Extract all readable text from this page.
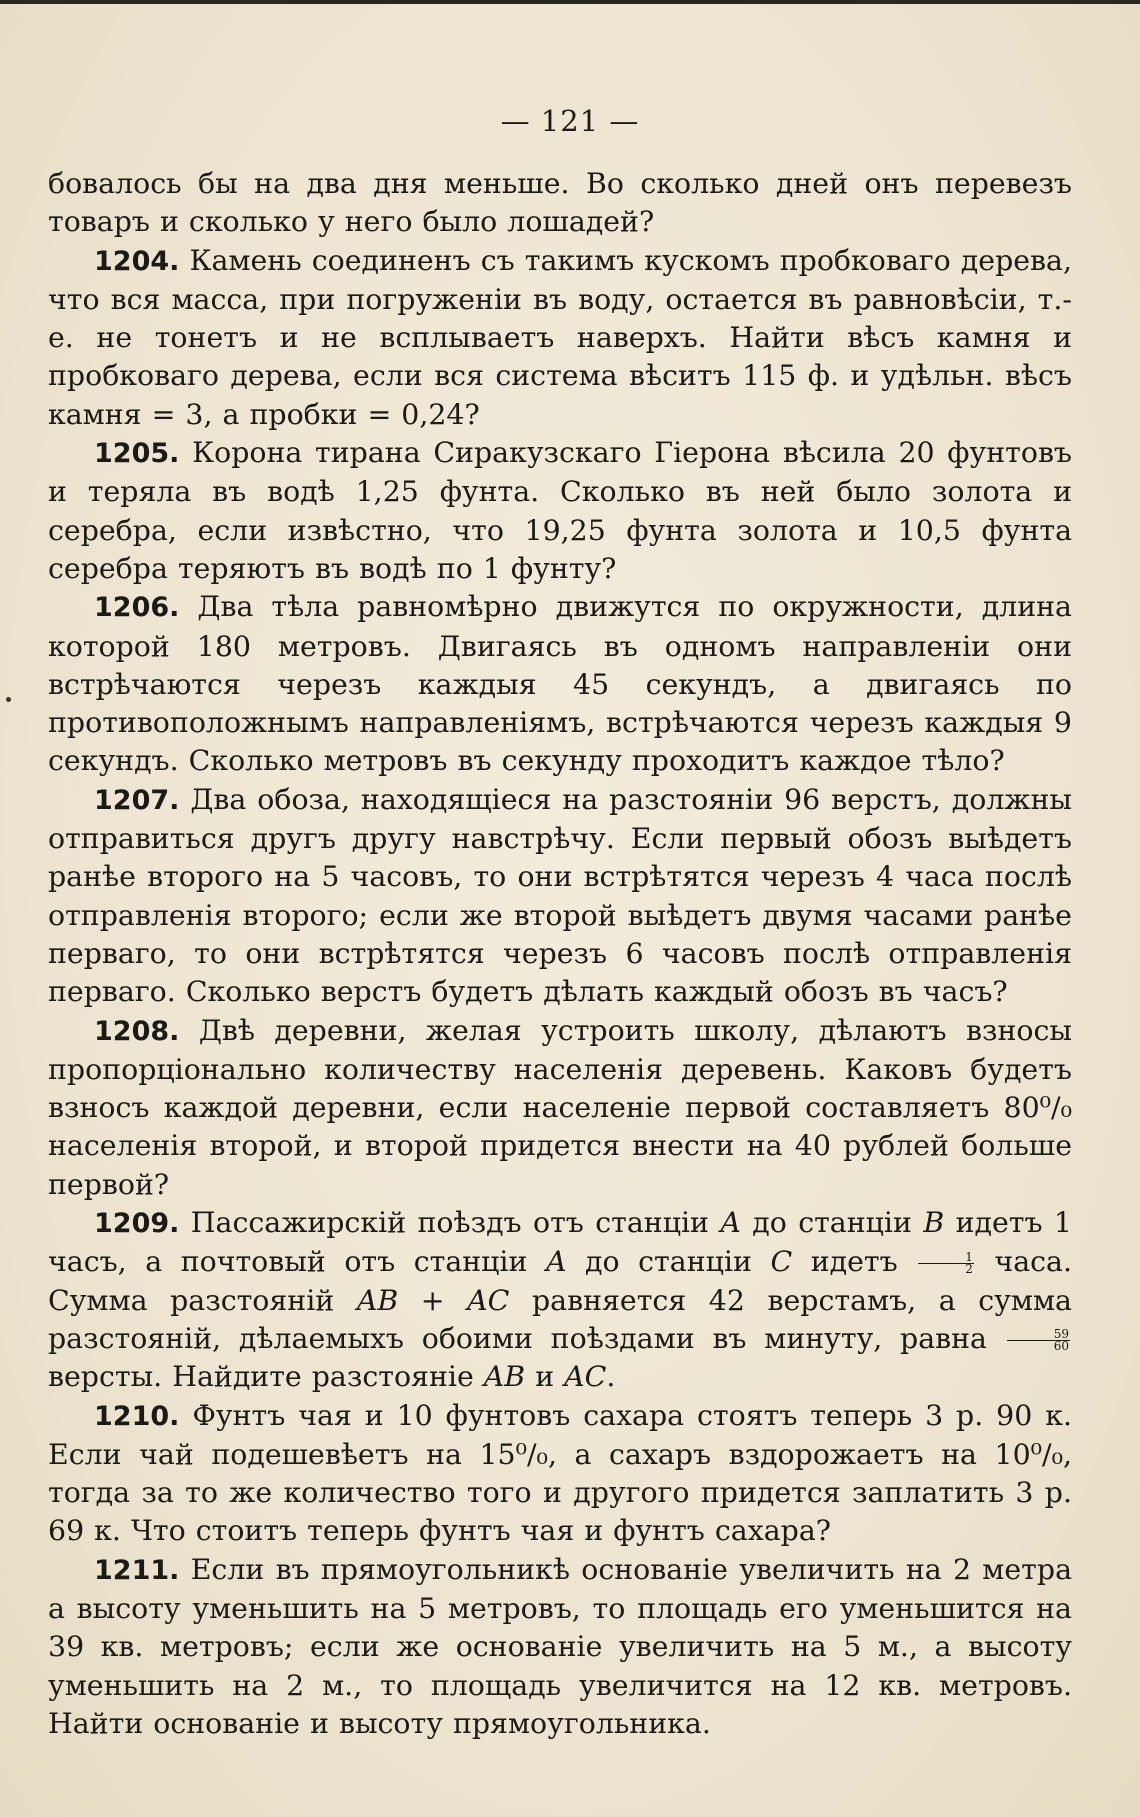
— 121 —

бовалось бы на два дня меньше. Во сколько дней онъ перевезъ товаръ и сколько у него было лошадей?

1204. Камень соединенъ съ такимъ кускомъ пробковаго дерева, что вся масса, при погруженіи въ воду, остается въ равновѣсіи, т.-е. не тонетъ и не всплываетъ наверхъ. Найти вѣсъ камня и пробковаго дерева, если вся система вѣситъ 115 ф. и удѣльн. вѣсъ камня = 3, а пробки = 0,24?

1205. Корона тирана Сиракузскаго Гіерона вѣсила 20 фунтовъ и теряла въ водѣ 1,25 фунта. Сколько въ ней было золота и серебра, если извѣстно, что 19,25 фунта золота и 10,5 фунта серебра теряютъ въ водѣ по 1 фунту?

1206. Два тѣла равномѣрно движутся по окружности, длина которой 180 метровъ. Двигаясь въ одномъ направленіи они встрѣчаются черезъ каждыя 45 секундъ, а двигаясь по противоположнымъ направленіямъ, встрѣчаются черезъ каждыя 9 секундъ. Сколько метровъ въ секунду проходитъ каждое тѣло?

1207. Два обоза, находящіеся на разстояніи 96 верстъ, должны отправиться другъ другу навстрѣчу. Если первый обозъ выѣдетъ ранѣе второго на 5 часовъ, то они встрѣтятся черезъ 4 часа послѣ отправленія второго; если же второй выѣдетъ двумя часами ранѣе перваго, то они встрѣтятся черезъ 6 часовъ послѣ отправленія перваго. Сколько верстъ будетъ дѣлать каждый обозъ въ часъ?

1208. Двѣ деревни, желая устроить школу, дѣлаютъ взносы пропорціонально количеству населенія деревень. Каковъ будетъ взносъ каждой деревни, если населеніе первой составляетъ 80⁰/₀ населенія второй, и второй придется внести на 40 рублей больше первой?

1209. Пассажирскій поѣздъ отъ станціи A до станціи B идетъ 1 часъ, а почтовый отъ станціи A до станціи C идетъ $\frac{1}{2}$ часа. Сумма разстояній AB + AC равняется 42 верстамъ, а сумма разстояній, дѣлаемыхъ обоими поѣздами въ минуту, равна $\frac{59}{60}$
версты. Найдите разстояніе AB и AC.

1210. Фунтъ чая и 10 фунтовъ сахара стоятъ теперь 3 р. 90 к. Если чай подешевѣетъ на 15⁰/₀, а сахаръ вздорожаетъ на 10⁰/₀, тогда за то же количество того и другого придется заплатить 3 р. 69 к. Что стоитъ теперь фунтъ чая и фунтъ сахара?

1211. Если въ прямоугольникѣ основаніе увеличить на 2 метра а высоту уменьшить на 5 метровъ, то площадь его уменьшится на 39 кв. метровъ; если же основаніе увеличить на 5 м., а высоту уменьшить на 2 м., то площадь увеличится на 12 кв. метровъ. Найти основаніе и высоту прямоугольника.
